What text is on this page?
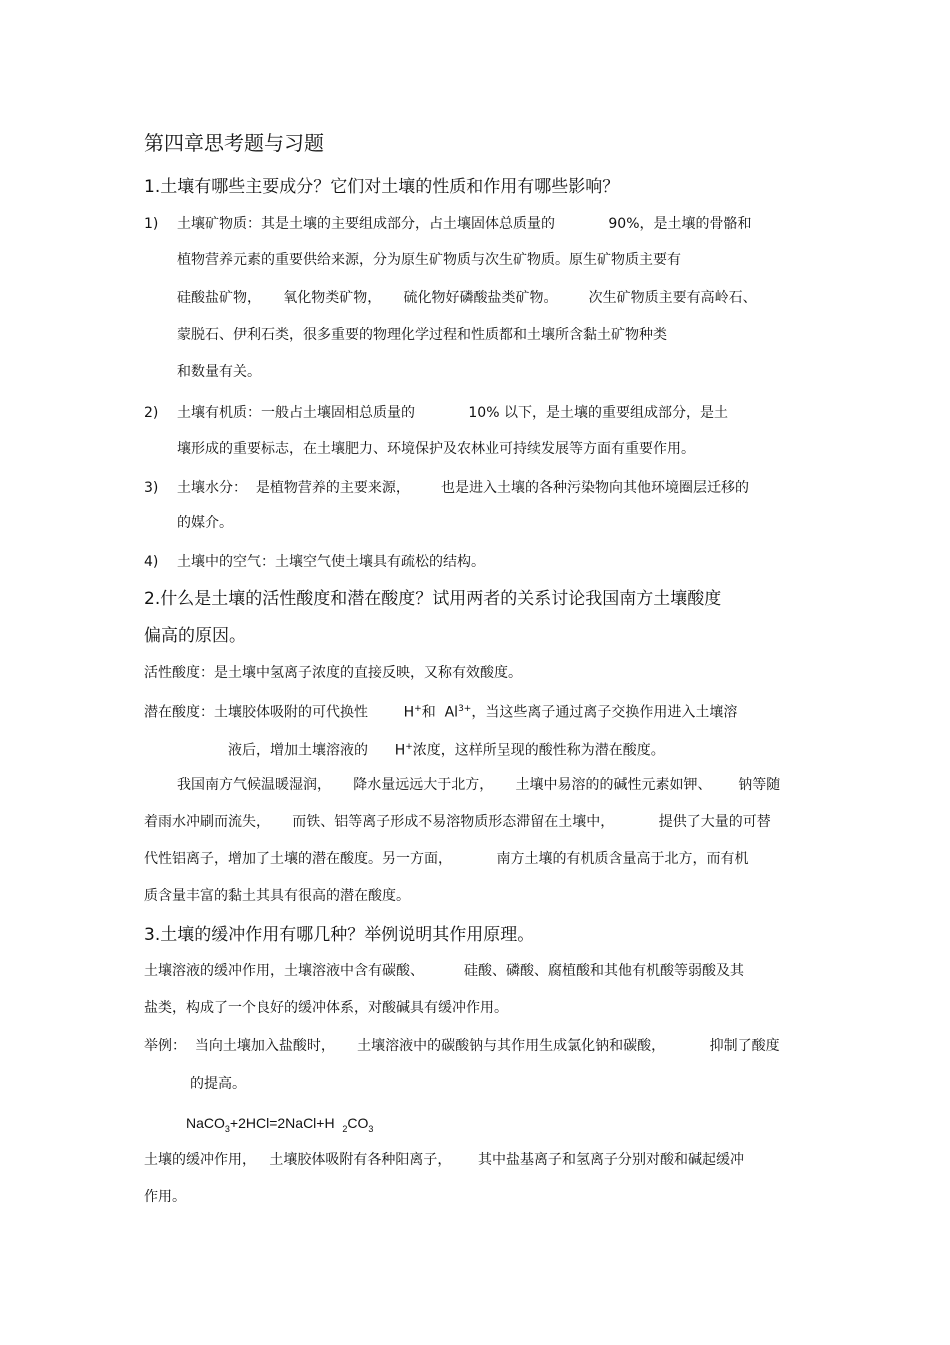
第四章思考题与习题
1.土壤有哪些主要成分？它们对土壤的性质和作用有哪些影响？
1) 土壤矿物质：其是土壤的主要组成部分，占土壤固体总质量的            90%，是土壤的骨骼和
植物营养元素的重要供给来源，分为原生矿物质与次生矿物质。原生矿物质主要有
硅酸盐矿物，     氧化物类矿物，     硫化物好磷酸盐类矿物。       次生矿物质主要有高岭石、
蒙脱石、伊利石类，很多重要的物理化学过程和性质都和土壤所含黏土矿物种类
和数量有关。
2) 土壤有机质：一般占土壤固相总质量的            10% 以下，是土壤的重要组成部分，是土
壤形成的重要标志，在土壤肥力、环境保护及农林业可持续发展等方面有重要作用。
3) 土壤水分：  是植物营养的主要来源，       也是进入土壤的各种污染物向其他环境圈层迁移的
的媒介。
4) 土壤中的空气：土壤空气使土壤具有疏松的结构。
2.什么是土壤的活性酸度和潜在酸度？试用两者的关系讨论我国南方土壤酸度
偏高的原因。
活性酸度：是土壤中氢离子浓度的直接反映，又称有效酸度。
潜在酸度：土壤胶体吸附的可代换性        H+和  $Al^{3+}$，当这些离子通过离子交换作用进入土壤溶
液后，增加土壤溶液的      H+浓度，这样所呈现的酸性称为潜在酸度。
我国南方气候温暖湿润，     降水量远远大于北方，     土壤中易溶的的碱性元素如钾、      钠等随
着雨水冲刷而流失，     而铁、铝等离子形成不易溶物质形态滞留在土壤中，          提供了大量的可替
代性铝离子，增加了土壤的潜在酸度。另一方面，          南方土壤的有机质含量高于北方，而有机
质含量丰富的黏土其具有很高的潜在酸度。
3.土壤的缓冲作用有哪几种？举例说明其作用原理。
土壤溶液的缓冲作用，土壤溶液中含有碳酸、         硅酸、磷酸、腐植酸和其他有机酸等弱酸及其
盐类，构成了一个良好的缓冲体系，对酸碱具有缓冲作用。
举例：  当向土壤加入盐酸时，     土壤溶液中的碳酸钠与其作用生成氯化钠和碳酸，          抑制了酸度
的提高。
NaCO$_3$+2HCl=2NaCl+H  $_2CO_3$
土壤的缓冲作用，   土壤胶体吸附有各种阳离子，      其中盐基离子和氢离子分别对酸和碱起缓冲
作用。
